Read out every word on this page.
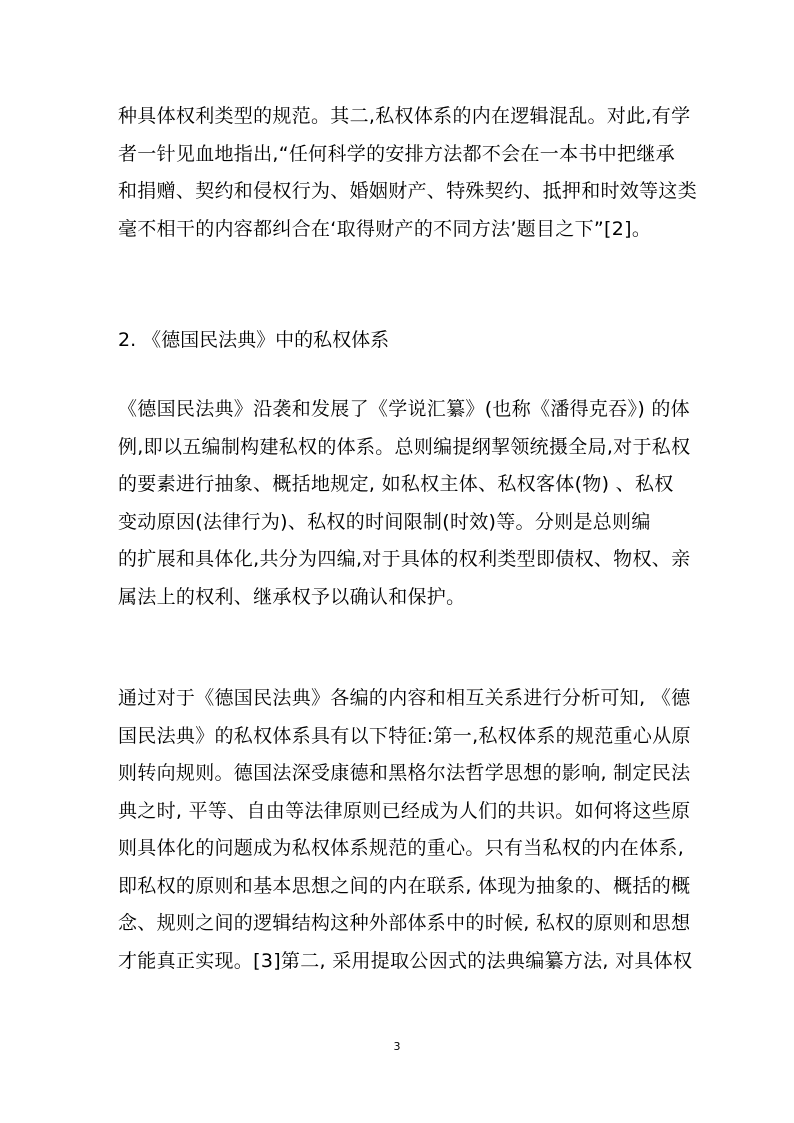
种具体权利类型的规范。其二,私权体系的内在逻辑混乱。对此,有学
者一针见血地指出,“任何科学的安排方法都不会在一本书中把继承
和捐赠、契约和侵权行为、婚姻财产、特殊契约、抵押和时效等这类
毫不相干的内容都纠合在‘取得财产的不同方法’题目之下”[2]。
2. 《德国民法典》中的私权体系
《德国民法典》沿袭和发展了《学说汇纂》(也称《潘得克吞》) 的体
例,即以五编制构建私权的体系。总则编提纲挈领统摄全局,对于私权
的要素进行抽象、概括地规定, 如私权主体、私权客体(物) 、私权
变动原因(法律行为)、私权的时间限制(时效)等。分则是总则编
的扩展和具体化,共分为四编,对于具体的权利类型即债权、物权、亲
属法上的权利、继承权予以确认和保护。
通过对于《德国民法典》各编的内容和相互关系进行分析可知, 《德
国民法典》的私权体系具有以下特征:第一,私权体系的规范重心从原
则转向规则。德国法深受康德和黑格尔法哲学思想的影响, 制定民法
典之时, 平等、自由等法律原则已经成为人们的共识。如何将这些原
则具体化的问题成为私权体系规范的重心。只有当私权的内在体系,
即私权的原则和基本思想之间的内在联系, 体现为抽象的、概括的概
念、规则之间的逻辑结构这种外部体系中的时候, 私权的原则和思想
才能真正实现。[3]第二, 采用提取公因式的法典编纂方法, 对具体权
3
